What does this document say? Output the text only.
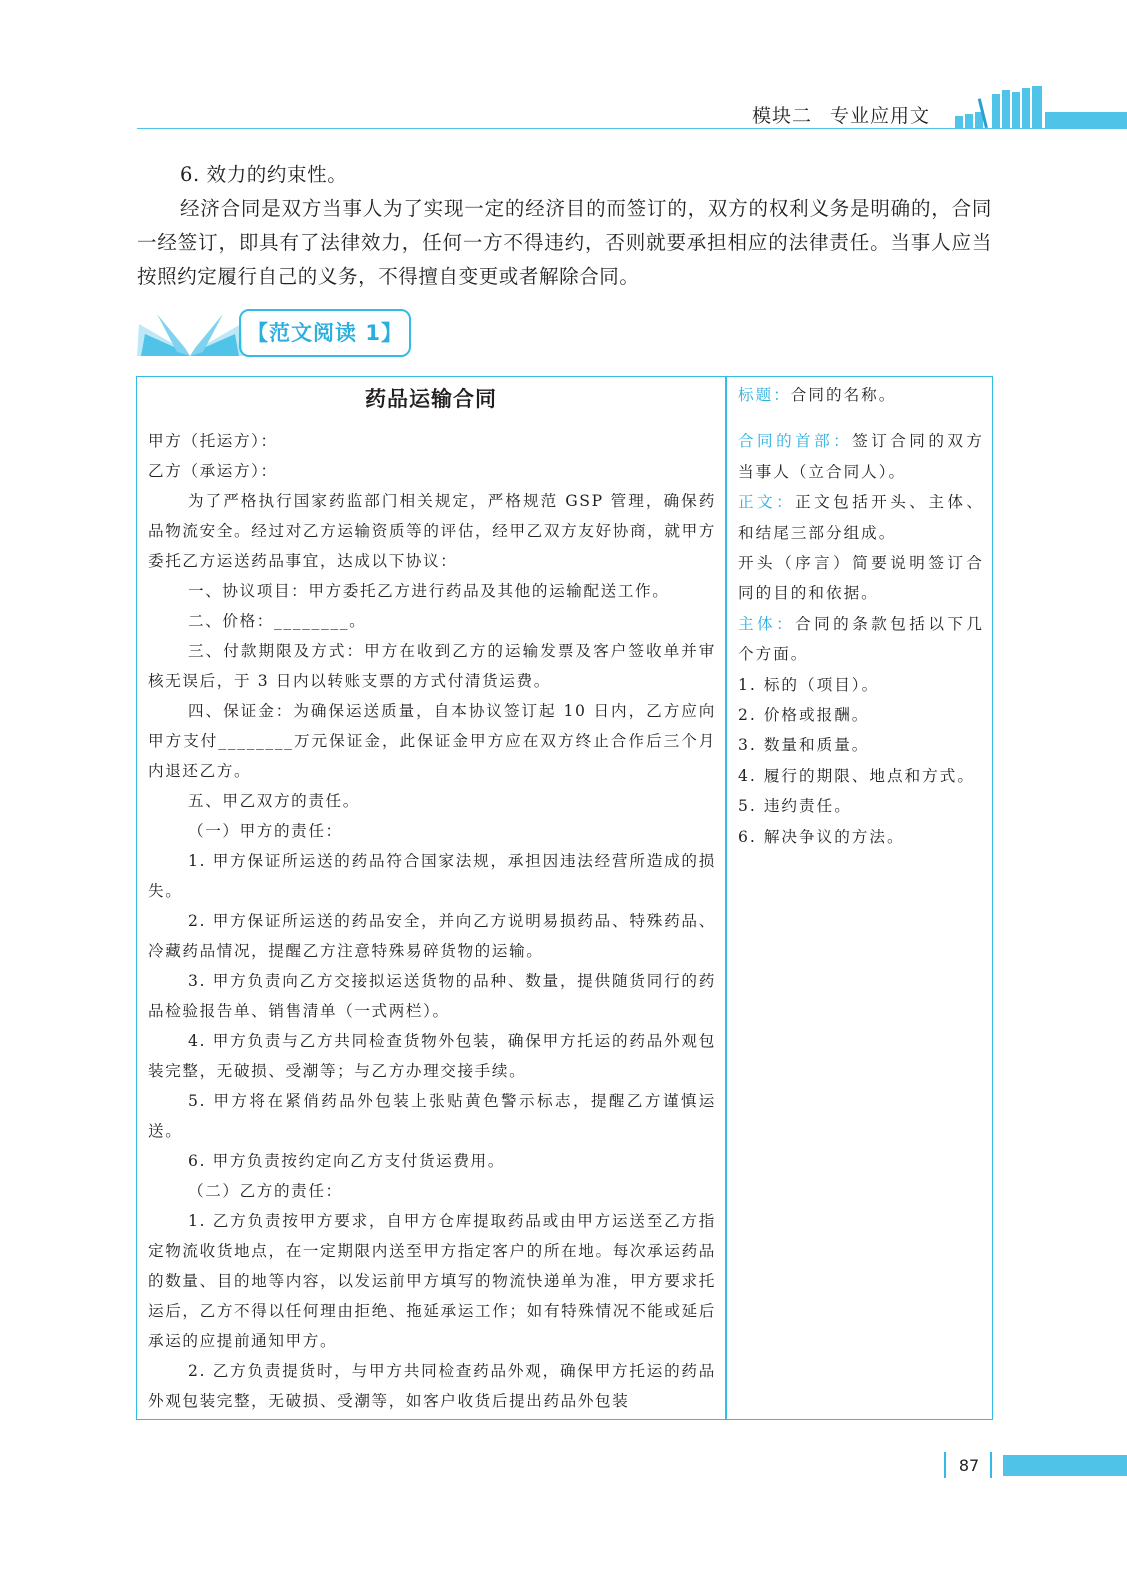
模块二 专业应用文
6. 效力的约束性。
经济合同是双方当事人为了实现一定的经济目的而签订的，双方的权利义务是明确的，合同一经签订，即具有了法律效力，任何一方不得违约，否则就要承担相应的法律责任。当事人应当按照约定履行自己的义务，不得擅自变更或者解除合同。
【范文阅读 1】
药品运输合同

甲方（托运方）：

乙方（承运方）：

为了严格执行国家药监部门相关规定，严格规范 GSP 管理，确保药品物流安全。经过对乙方运输资质等的评估，经甲乙双方友好协商，就甲方委托乙方运送药品事宜，达成以下协议：

一、协议项目：甲方委托乙方进行药品及其他的运输配送工作。

二、价格：________。

三、付款期限及方式：甲方在收到乙方的运输发票及客户签收单并审核无误后，于 3 日内以转账支票的方式付清货运费。

四、保证金：为确保运送质量，自本协议签订起 10 日内，乙方应向甲方支付________万元保证金，此保证金甲方应在双方终止合作后三个月内退还乙方。

五、甲乙双方的责任。

（一）甲方的责任：

1. 甲方保证所运送的药品符合国家法规，承担因违法经营所造成的损失。

2. 甲方保证所运送的药品安全，并向乙方说明易损药品、特殊药品、冷藏药品情况，提醒乙方注意特殊易碎货物的运输。

3. 甲方负责向乙方交接拟运送货物的品种、数量，提供随货同行的药品检验报告单、销售清单（一式两栏）。

4. 甲方负责与乙方共同检查货物外包装，确保甲方托运的药品外观包装完整，无破损、受潮等；与乙方办理交接手续。

5. 甲方将在紧俏药品外包装上张贴黄色警示标志，提醒乙方谨慎运送。

6. 甲方负责按约定向乙方支付货运费用。

（二）乙方的责任：

1. 乙方负责按甲方要求，自甲方仓库提取药品或由甲方运送至乙方指定物流收货地点，在一定期限内送至甲方指定客户的所在地。每次承运药品的数量、目的地等内容，以发运前甲方填写的物流快递单为准，甲方要求托运后，乙方不得以任何理由拒绝、拖延承运工作；如有特殊情况不能或延后承运的应提前通知甲方。

2. 乙方负责提货时，与甲方共同检查药品外观，确保甲方托运的药品外观包装完整，无破损、受潮等，如客户收货后提出药品外包装

标题：合同的名称。

合同的首部：签订合同的双方当事人（立合同人）。

正文：正文包括开头、主体、和结尾三部分组成。

开头（序言）简要说明签订合同的目的和依据。

主体：合同的条款包括以下几个方面。

1. 标的（项目）。

2. 价格或报酬。

3. 数量和质量。

4. 履行的期限、地点和方式。

5. 违约责任。

6. 解决争议的方法。

87
